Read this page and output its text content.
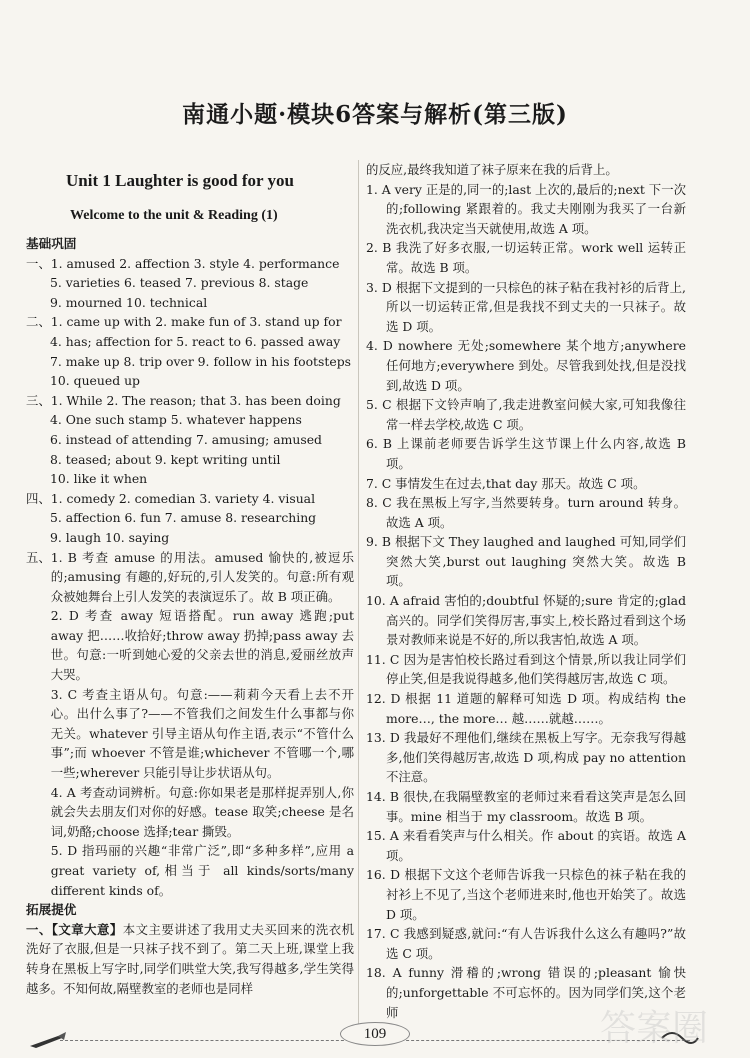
南通小题·模块6答案与解析(第三版)
Unit 1 Laughter is good for you
Welcome to the unit & Reading (1)
基础巩固
一、 1. amused 2. affection 3. style 4. performance
5. varieties 6. teased 7. previous 8. stage
9. mourned 10. technical
二、 1. came up with 2. make fun of 3. stand up for
4. has; affection for 5. react to 6. passed away
7. make up 8. trip over 9. follow in his footsteps
10. queued up
三、 1. While 2. The reason; that 3. has been doing
4. One such stamp 5. whatever happens
6. instead of attending 7. amusing; amused
8. teased; about 9. kept writing until
10. like it when
四、 1. comedy 2. comedian 3. variety 4. visual
5. affection 6. fun 7. amuse 8. researching
9. laugh 10. saying
五、 1. B 考查 amuse 的用法。amused 愉快的,被逗乐的;amusing 有趣的,好玩的,引人发笑的。句意:所有观众被她舞台上引人发笑的表演逗乐了。故 B 项正确。
2. D 考查 away 短语搭配。run away 逃跑;put away 把……收拾好;throw away 扔掉;pass away 去世。句意:一听到她心爱的父亲去世的消息,爱丽丝放声大哭。
3. C 考查主语从句。句意:——莉莉今天看上去不开心。出什么事了?——不管我们之间发生什么事都与你无关。whatever 引导主语从句作主语,表示“不管什么事”;而 whoever 不管是谁;whichever 不管哪一个,哪一些;wherever 只能引导让步状语从句。
4. A 考查动词辨析。句意:你如果老是那样捉弄别人,你就会失去朋友们对你的好感。tease 取笑;cheese 是名词,奶酪;choose 选择;tear 撕毁。
5. D 指玛丽的兴趣“非常广泛”,即“多种多样”,应用 a great variety of,相当于 all kinds/sorts/many different kinds of。
拓展提优
一、【文章大意】本文主要讲述了我用丈夫买回来的洗衣机洗好了衣服,但是一只袜子找不到了。第二天上班,课堂上我转身在黑板上写字时,同学们哄堂大笑,我写得越多,学生笑得越多。不知何故,隔壁教室的老师也是同样
的反应,最终我知道了袜子原来在我的后背上。
1. A very 正是的,同一的;last 上次的,最后的;next 下一次的;following 紧跟着的。我丈夫刚刚为我买了一台新洗衣机,我决定当天就使用,故选 A 项。
2. B 我洗了好多衣服,一切运转正常。work well 运转正常。故选 B 项。
3. D 根据下文提到的一只棕色的袜子粘在我衬衫的后背上,所以一切运转正常,但是我找不到丈夫的一只袜子。故选 D 项。
4. D nowhere 无处;somewhere 某个地方;anywhere 任何地方;everywhere 到处。尽管我到处找,但是没找到,故选 D 项。
5. C 根据下文铃声响了,我走进教室问候大家,可知我像往常一样去学校,故选 C 项。
6. B 上课前老师要告诉学生这节课上什么内容,故选 B 项。
7. C 事情发生在过去,that day 那天。故选 C 项。
8. C 我在黑板上写字,当然要转身。turn around 转身。故选 A 项。
9. B 根据下文 They laughed and laughed 可知,同学们突然大笑,burst out laughing 突然大笑。故选 B 项。
10. A afraid 害怕的;doubtful 怀疑的;sure 肯定的;glad 高兴的。同学们笑得厉害,事实上,校长路过看到这个场景对教师来说是不好的,所以我害怕,故选 A 项。
11. C 因为是害怕校长路过看到这个情景,所以我让同学们停止笑,但是我说得越多,他们笑得越厉害,故选 C 项。
12. D 根据 11 道题的解释可知选 D 项。构成结构 the more…, the more… 越……就越……。
13. D 我最好不理他们,继续在黑板上写字。无奈我写得越多,他们笑得越厉害,故选 D 项,构成 pay no attention 不注意。
14. B 很快,在我隔壁教室的老师过来看看这笑声是怎么回事。mine 相当于 my classroom。故选 B 项。
15. A 来看看笑声与什么相关。作 about 的宾语。故选 A 项。
16. D 根据下文这个老师告诉我一只棕色的袜子粘在我的衬衫上不见了,当这个老师进来时,他也开始笑了。故选 D 项。
17. C 我感到疑惑,就问:“有人告诉我什么这么有趣吗?”故选 C 项。
18. A funny 滑稽的;wrong 错误的;pleasant 愉快的;unforgettable 不可忘怀的。因为同学们笑,这个老师
109	答案圈
